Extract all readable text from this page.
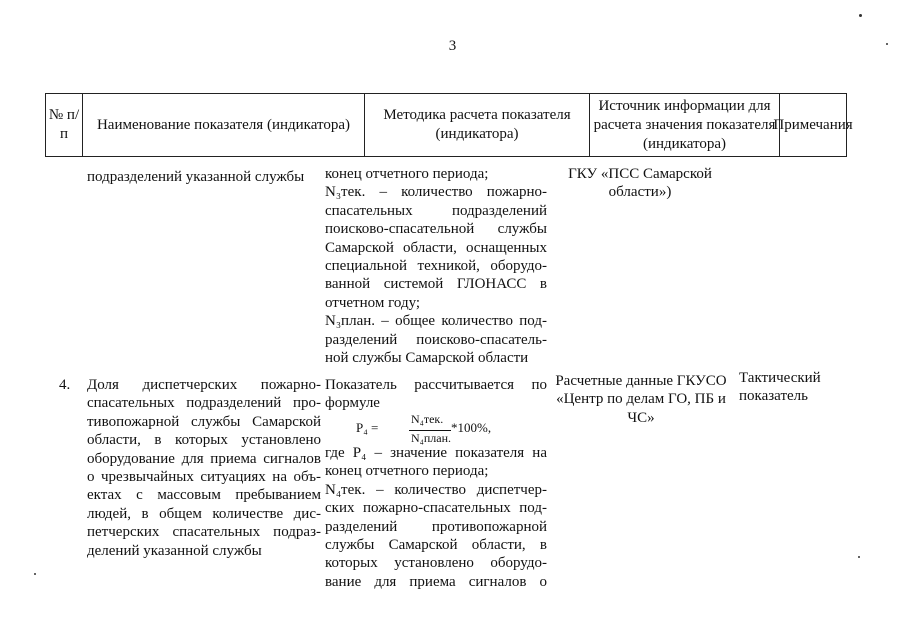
3
№ п/п
Наименование показателя (индикатора)
Методика расчета показателя (индикатора)
Источник информации для расчета значения показателя (индикатора)
Примечания
подразделений указанной службы	конец отчетного периода;
N₃тек. – количество пожарно-
спасательных подразделений
поисково-спасательной службы
Самарской области, оснащенных
специальной техникой, оборудо-
ванной системой ГЛОНАСС в
отчетном году;
N₃план. – общее количество под-
разделений поисково-спасатель-
ной службы Самарской области
ГКУ «ПСС Самарской
области»)
4. Доля диспетчерских пожарно-
спасательных подразделений про-
тивопожарной службы Самарской
области, в которых установлено
оборудование для приема сигналов
о чрезвычайных ситуациях на объ-
ектах с массовым пребыванием
людей, в общем количестве дис-
петчерских спасательных подраз-
делений указанной службы
Показатель рассчитывается по
формуле
P₄ =
N₄тек.
N₄план.
*100%,
где P₄ – значение показателя на
конец отчетного периода;
N₄тек. – количество диспетчер-
ских пожарно-спасательных под-
разделений противопожарной
службы Самарской области, в
которых установлено оборудо-
вание для приема сигналов о
Расчетные данные ГКУСО
«Центр по делам ГО, ПБ и
ЧС»
Тактический
показатель
